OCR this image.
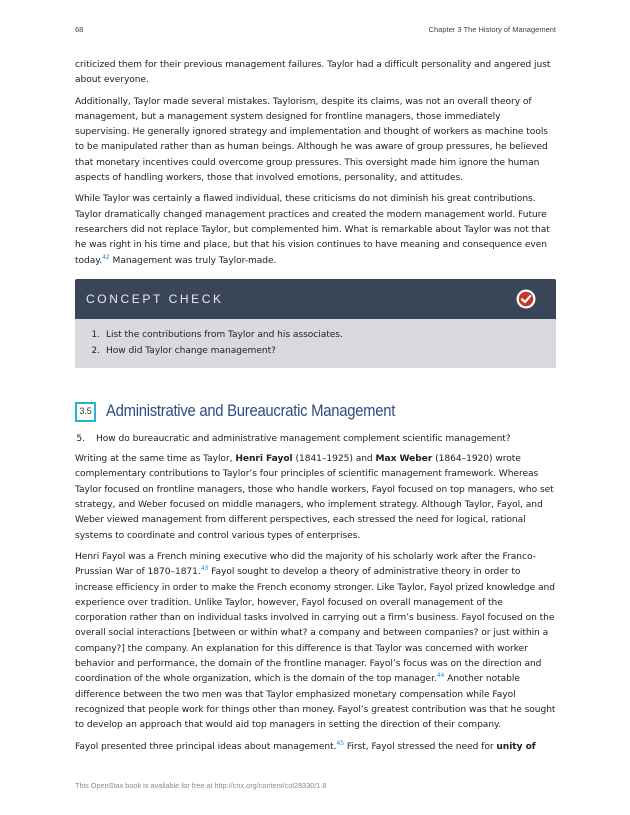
68	Chapter 3 The History of Management

criticized them for their previous management failures. Taylor had a difficult personality and angered just about everyone.

Additionally, Taylor made several mistakes. Taylorism, despite its claims, was not an overall theory of management, but a management system designed for frontline managers, those immediately supervising. He generally ignored strategy and implementation and thought of workers as machine tools to be manipulated rather than as human beings. Although he was aware of group pressures, he believed that monetary incentives could overcome group pressures. This oversight made him ignore the human aspects of handling workers, those that involved emotions, personality, and attitudes.

While Taylor was certainly a flawed individual, these criticisms do not diminish his great contributions. Taylor dramatically changed management practices and created the modern management world. Future researchers did not replace Taylor, but complemented him. What is remarkable about Taylor was not that he was right in his time and place, but that his vision continues to have meaning and consequence even today.$^{42}$ Management was truly Taylor-made.

CONCEPT CHECK
1. List the contributions from Taylor and his associates.
2. How did Taylor change management?
3.5 Administrative and Bureaucratic Management
5.	How do bureaucratic and administrative management complement scientific management?

Writing at the same time as Taylor, Henri Fayol (1841–1925) and Max Weber (1864–1920) wrote complementary contributions to Taylor’s four principles of scientific management framework. Whereas Taylor focused on frontline managers, those who handle workers, Fayol focused on top managers, who set strategy, and Weber focused on middle managers, who implement strategy. Although Taylor, Fayol, and Weber viewed management from different perspectives, each stressed the need for logical, rational systems to coordinate and control various types of enterprises.

Henri Fayol was a French mining executive who did the majority of his scholarly work after the Franco-Prussian War of 1870–1871.43 Fayol sought to develop a theory of administrative theory in order to increase efficiency in order to make the French economy stronger. Like Taylor, Fayol prized knowledge and experience over tradition. Unlike Taylor, however, Fayol focused on overall management of the corporation rather than on individual tasks involved in carrying out a firm’s business. Fayol focused on the overall social interactions [between or within what? a company and between companies? or just within a company?] the company. An explanation for this difference is that Taylor was concerned with worker behavior and performance, the domain of the frontline manager. Fayol’s focus was on the direction and coordination of the whole organization, which is the domain of the top manager.$^{44}$ Another notable difference between the two men was that Taylor emphasized monetary compensation while Fayol recognized that people work for things other than money. Fayol’s greatest contribution was that he sought to develop an approach that would aid top managers in setting the direction of their company.

Fayol presented three principal ideas about management.$^{45}$ First, Fayol stressed the need for unity of

This OpenStax book is available for free at http://cnx.org/content/col28330/1.8
